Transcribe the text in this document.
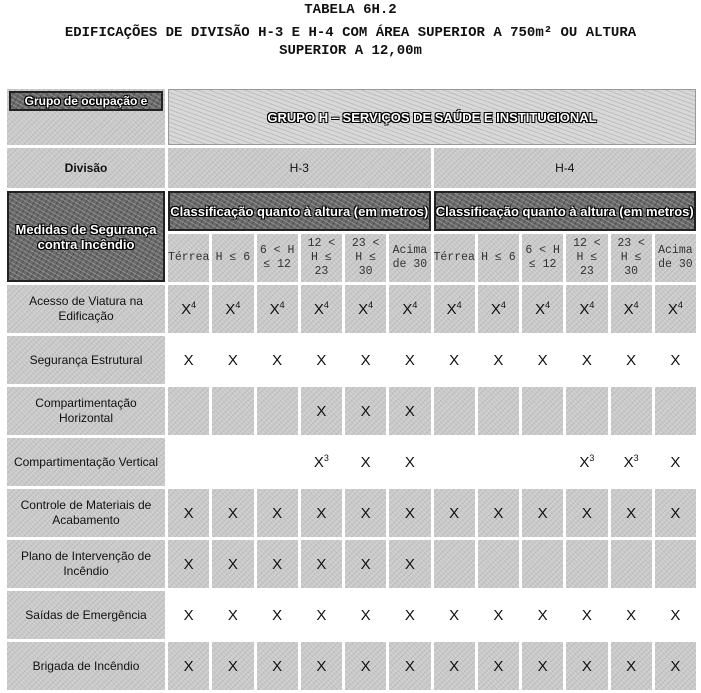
TABELA 6H.2
EDIFICAÇÕES DE DIVISÃO H-3 E H-4 COM ÁREA SUPERIOR A 750m² OU ALTURA
SUPERIOR A 12,00m
Grupo de ocupação e	GRUPO H – SERVIÇOS DE SAÚDE E INSTITUCIONAL											
Divisão	H-3						H-4					
Medidas de Segurança contra Incêndio	Classificação quanto à altura (em metros)						Classificação quanto à altura (em metros)					
	Térrea	H ≤ 6	6 < H ≤ 12	12 < H ≤ 23	23 < H ≤ 30	Acima de 30	Térrea	H ≤ 6	6 < H ≤ 12	12 < H ≤ 23	23 < H ≤ 30	Acima de 30
Acesso de Viatura na Edificação	$X^4$	$X^4$	$X^4$	$X^4$	$X^4$	$X^4$	$X^4$	$X^4$	$X^4$	$X^4$	$X^4$	$X^4$
Segurança Estrutural	X	X	X	X	X	X	X	X	X	X	X	X
Compartimentação Horizontal				X	X	X						
Compartimentação Vertical				$X^3$	X	X				$X^3$	$X^3$	X
Controle de Materiais de Acabamento	X	X	X	X	X	X	X	X	X	X	X	X
Plano de Intervenção de Incêndio	X	X	X	X	X	X						
Saídas de Emergência	X	X	X	X	X	X	X	X	X	X	X	X
Brigada de Incêndio	X	X	X	X	X	X	X	X	X	X	X	X
